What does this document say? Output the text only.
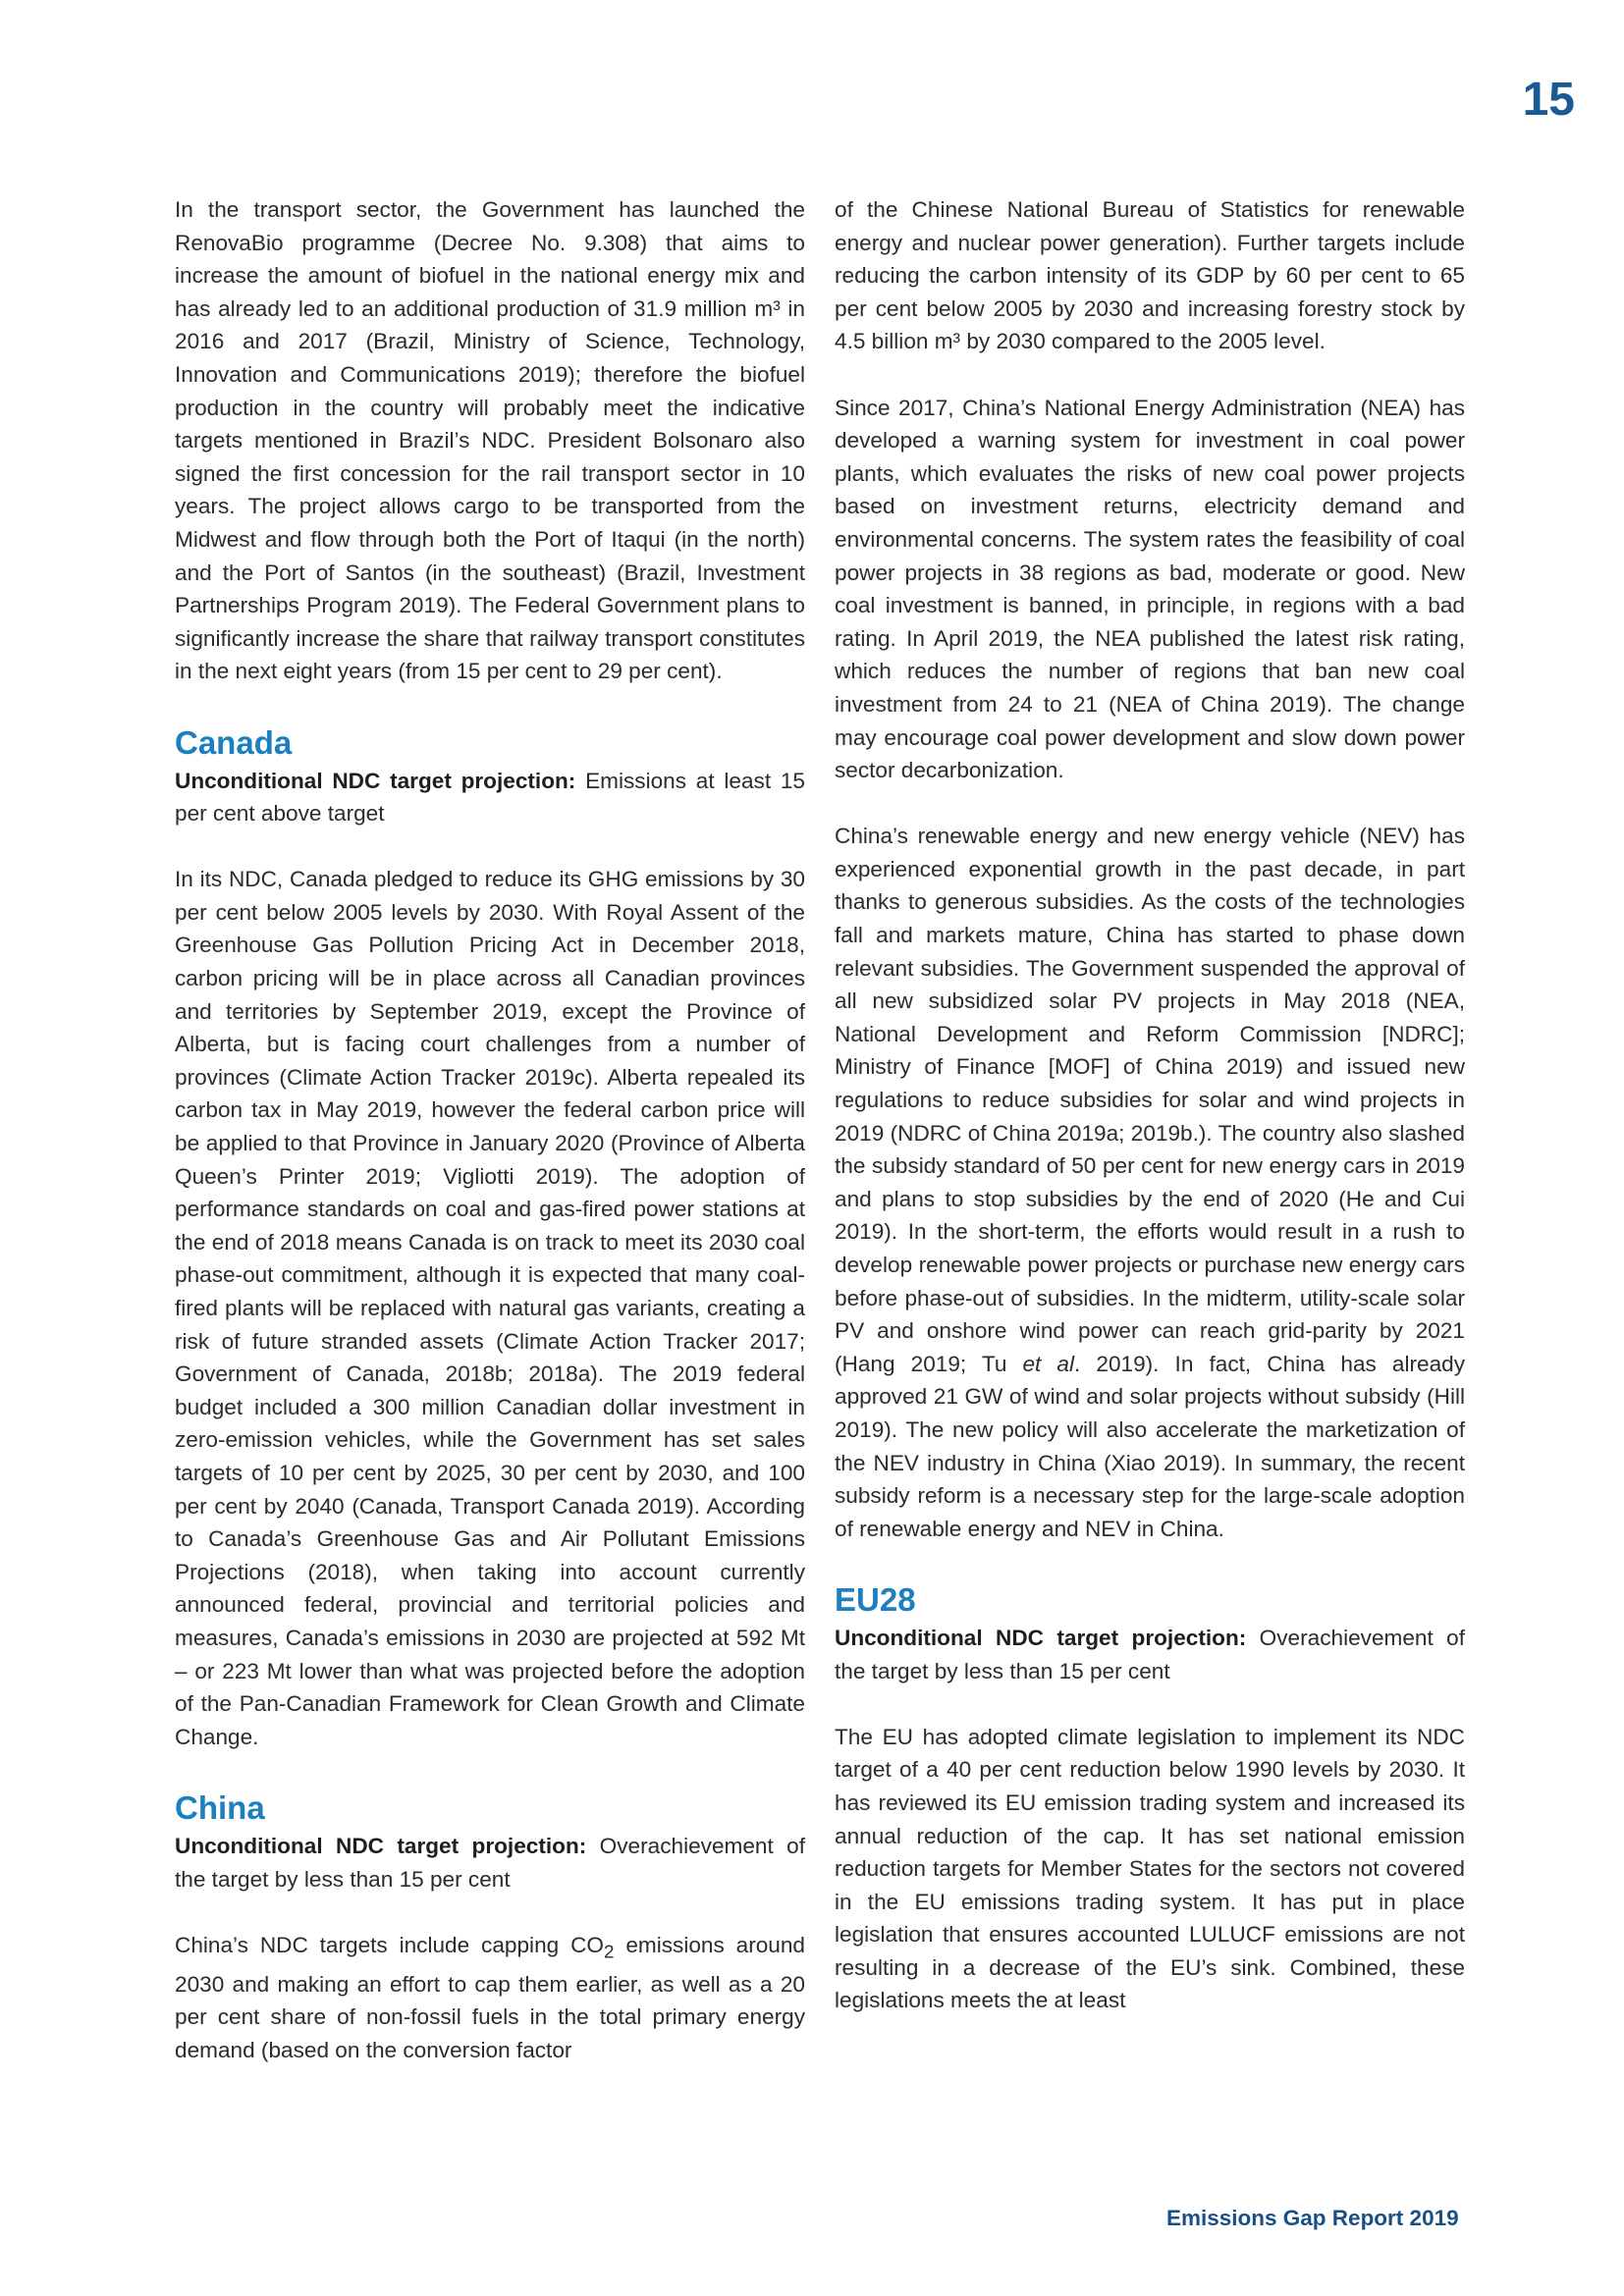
15

In the transport sector, the Government has launched the RenovaBio programme (Decree No. 9.308) that aims to increase the amount of biofuel in the national energy mix and has already led to an additional production of 31.9 million m³ in 2016 and 2017 (Brazil, Ministry of Science, Technology, Innovation and Communications 2019); therefore the biofuel production in the country will probably meet the indicative targets mentioned in Brazil’s NDC. President Bolsonaro also signed the first concession for the rail transport sector in 10 years. The project allows cargo to be transported from the Midwest and flow through both the Port of Itaqui (in the north) and the Port of Santos (in the southeast) (Brazil, Investment Partnerships Program 2019). The Federal Government plans to significantly increase the share that railway transport constitutes in the next eight years (from 15 per cent to 29 per cent).

Canada

Unconditional NDC target projection: Emissions at least 15 per cent above target

In its NDC, Canada pledged to reduce its GHG emissions by 30 per cent below 2005 levels by 2030. With Royal Assent of the Greenhouse Gas Pollution Pricing Act in December 2018, carbon pricing will be in place across all Canadian provinces and territories by September 2019, except the Province of Alberta, but is facing court challenges from a number of provinces (Climate Action Tracker 2019c). Alberta repealed its carbon tax in May 2019, however the federal carbon price will be applied to that Province in January 2020 (Province of Alberta Queen’s Printer 2019; Vigliotti 2019). The adoption of performance standards on coal and gas-fired power stations at the end of 2018 means Canada is on track to meet its 2030 coal phase-out commitment, although it is expected that many coal-fired plants will be replaced with natural gas variants, creating a risk of future stranded assets (Climate Action Tracker 2017; Government of Canada, 2018b; 2018a). The 2019 federal budget included a 300 million Canadian dollar investment in zero-emission vehicles, while the Government has set sales targets of 10 per cent by 2025, 30 per cent by 2030, and 100 per cent by 2040 (Canada, Transport Canada 2019). According to Canada’s Greenhouse Gas and Air Pollutant Emissions Projections (2018), when taking into account currently announced federal, provincial and territorial policies and measures, Canada’s emissions in 2030 are projected at 592 Mt – or 223 Mt lower than what was projected before the adoption of the Pan-Canadian Framework for Clean Growth and Climate Change.

China

Unconditional NDC target projection: Overachievement of the target by less than 15 per cent

China’s NDC targets include capping $CO_2$ emissions around 2030 and making an effort to cap them earlier, as well as a 20 per cent share of non-fossil fuels in the total primary energy demand (based on the conversion factor

of the Chinese National Bureau of Statistics for renewable energy and nuclear power generation). Further targets include reducing the carbon intensity of its GDP by 60 per cent to 65 per cent below 2005 by 2030 and increasing forestry stock by 4.5 billion m³ by 2030 compared to the 2005 level.

Since 2017, China’s National Energy Administration (NEA) has developed a warning system for investment in coal power plants, which evaluates the risks of new coal power projects based on investment returns, electricity demand and environmental concerns. The system rates the feasibility of coal power projects in 38 regions as bad, moderate or good. New coal investment is banned, in principle, in regions with a bad rating. In April 2019, the NEA published the latest risk rating, which reduces the number of regions that ban new coal investment from 24 to 21 (NEA of China 2019). The change may encourage coal power development and slow down power sector decarbonization.

China’s renewable energy and new energy vehicle (NEV) has experienced exponential growth in the past decade, in part thanks to generous subsidies. As the costs of the technologies fall and markets mature, China has started to phase down relevant subsidies. The Government suspended the approval of all new subsidized solar PV projects in May 2018 (NEA, National Development and Reform Commission [NDRC]; Ministry of Finance [MOF] of China 2019) and issued new regulations to reduce subsidies for solar and wind projects in 2019 (NDRC of China 2019a; 2019b.). The country also slashed the subsidy standard of 50 per cent for new energy cars in 2019 and plans to stop subsidies by the end of 2020 (He and Cui 2019). In the short-term, the efforts would result in a rush to develop renewable power projects or purchase new energy cars before phase-out of subsidies. In the midterm, utility-scale solar PV and onshore wind power can reach grid-parity by 2021 (Hang 2019; Tu et al. 2019). In fact, China has already approved 21 GW of wind and solar projects without subsidy (Hill 2019). The new policy will also accelerate the marketization of the NEV industry in China (Xiao 2019). In summary, the recent subsidy reform is a necessary step for the large-scale adoption of renewable energy and NEV in China.

EU28

Unconditional NDC target projection: Overachievement of the target by less than 15 per cent

The EU has adopted climate legislation to implement its NDC target of a 40 per cent reduction below 1990 levels by 2030. It has reviewed its EU emission trading system and increased its annual reduction of the cap. It has set national emission reduction targets for Member States for the sectors not covered in the EU emissions trading system. It has put in place legislation that ensures accounted LULUCF emissions are not resulting in a decrease of the EU’s sink. Combined, these legislations meets the at least

Emissions Gap Report 2019
